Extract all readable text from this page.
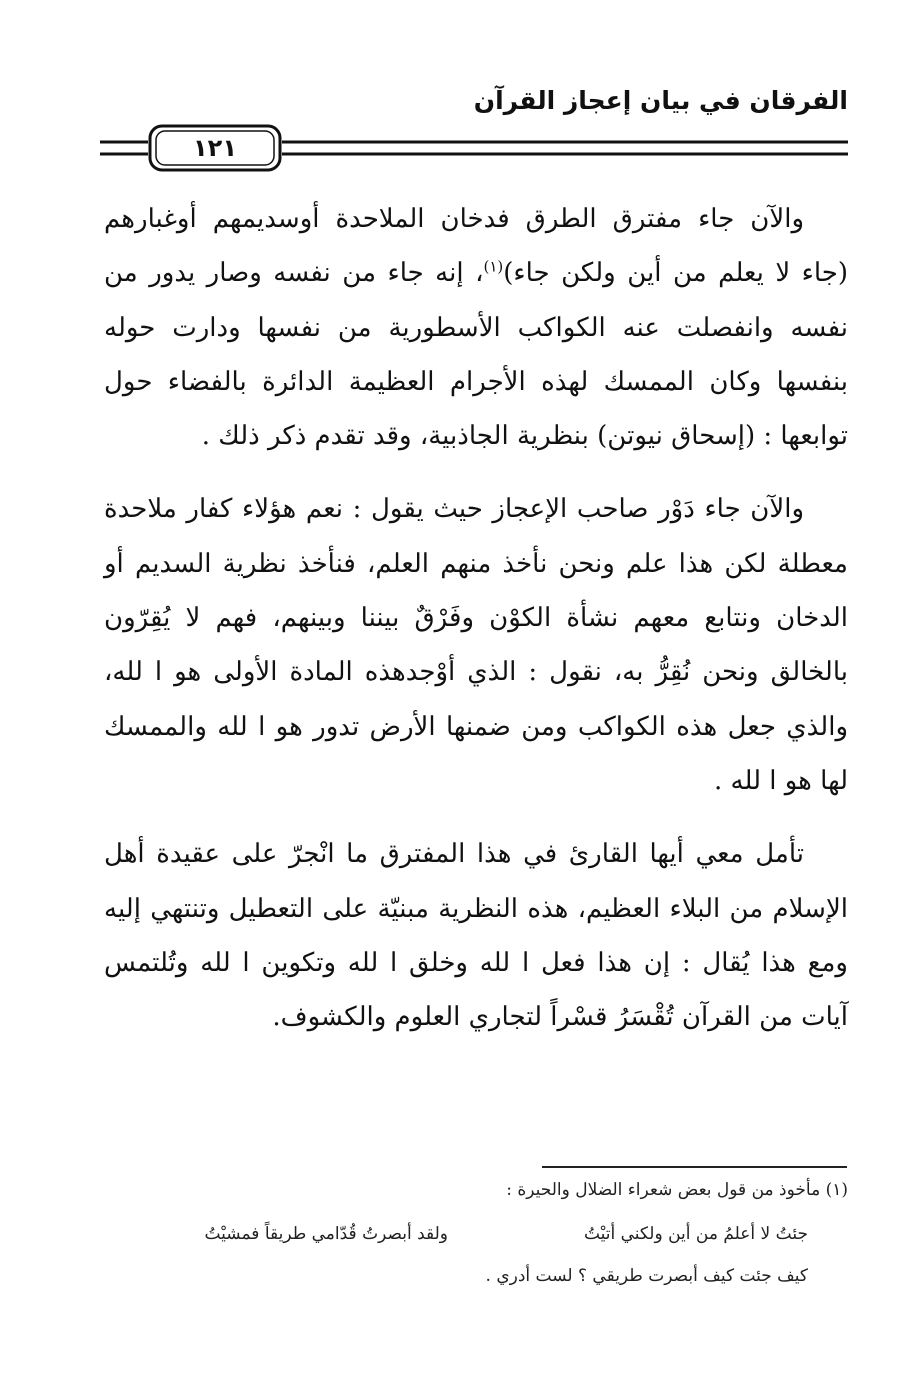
الفرقان في بيان إعجاز القرآن
١٢١

والآن جاء مفترق الطرق فدخان الملاحدة أوسديمهم أوغبارهم (جاء لا يعلم من أين ولكن جاء)$^{(١)}$، إنه جاء من نفسه وصار يدور من نفسه وانفصلت عنه الكواكب الأسطورية من نفسها ودارت حوله بنفسها وكان الممسك لهذه الأجرام العظيمة الدائرة بالفضاء حول توابعها : (إسحاق نيوتن) بنظرية الجاذبية، وقد تقدم ذكر ذلك .

والآن جاء دَوْر صاحب الإعجاز حيث يقول : نعم هؤلاء كفار ملاحدة معطلة لكن هذا علم ونحن نأخذ منهم العلم، فنأخذ نظرية السديم أو الدخان ونتابع معهم نشأة الكوْن وفَرْقٌ بيننا وبينهم، فهم لا يُقِرّون بالخالق ونحن نُقِرُّ به، نقول : الذي أوْجدهذه المادة الأولى هو ا لله، والذي جعل هذه الكواكب ومن ضمنها الأرض تدور هو ا لله والممسك لها هو ا لله .

تأمل معي أيها القارئ في هذا المفترق ما انْجرّ على عقيدة أهل الإسلام من البلاء العظيم، هذه النظرية مبنيّة على التعطيل وتنتهي إليه ومع هذا يُقال : إن هذا فعل ا لله وخلق ا لله وتكوين ا لله وتُلتمس آيات من القرآن تُقْسَرُ قسْراً لتجاري العلوم والكشوف.

(١) مأخوذ من قول بعض شعراء الضلال والحيرة :
جئتُ لا أعلمُ من أين ولكني أتيْتُ
ولقد أبصرتُ قُدّامي طريقاً فمشيْتُ
كيف جئت كيف أبصرت طريقي ؟ لست أدري .
